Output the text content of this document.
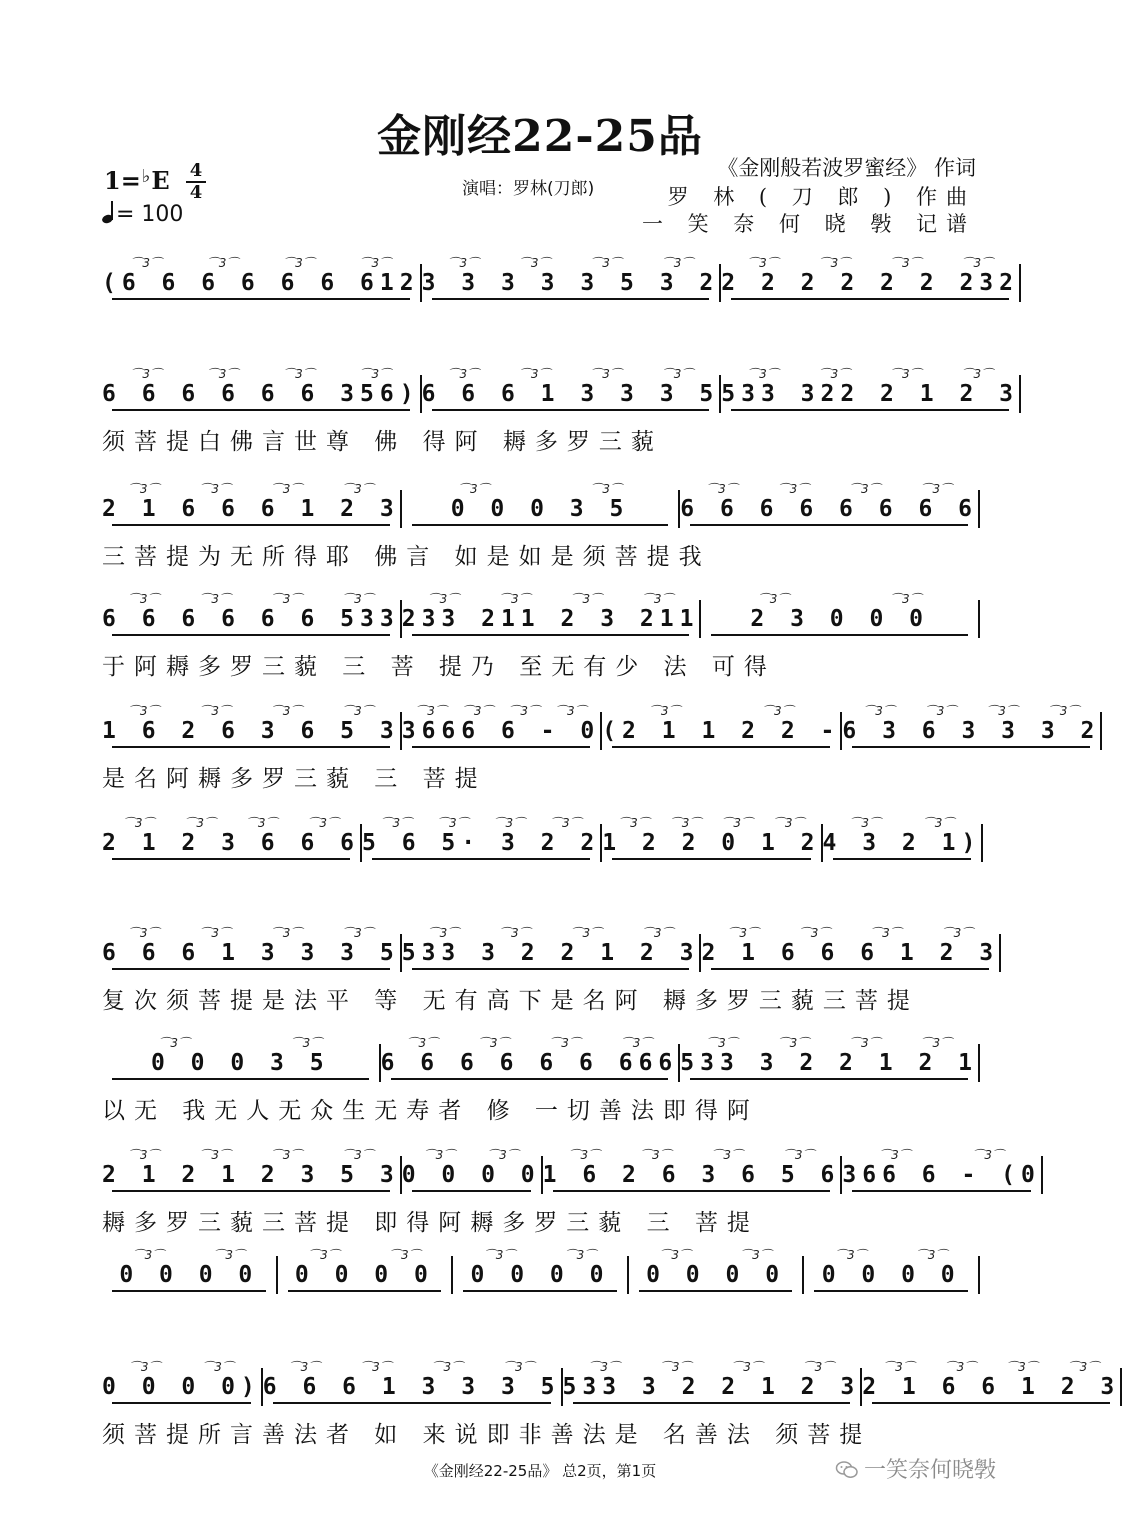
金刚经22-25品
1=♭E 4
4
= 100
演唱：罗林(刀郎)
《金刚般若波罗蜜经》 作词
罗 林 ( 刀 郎 ) 作曲
一 笑 奈 何 晓 斅 记谱
⌒3⌒	⌒3⌒	⌒3⌒	⌒3⌒
(6 6 6 6 6 6 612
⌒3⌒	⌒3⌒	⌒3⌒	⌒3⌒
3 3 3 3 3 5 3 2
⌒3⌒	⌒3⌒	⌒3⌒	⌒3⌒
2 2 2 2 2 2 232
⌒3⌒	⌒3⌒	⌒3⌒	⌒3⌒
6 6 6 6 6 6 356)
⌒3⌒	⌒3⌒	⌒3⌒	⌒3⌒
6 6 6 1 3 3 3 5
⌒3⌒	⌒3⌒	⌒3⌒	⌒3⌒
533 322 2 1 2 3
须菩提白佛言世尊 佛 得阿 耨多罗三藐
⌒3⌒	⌒3⌒	⌒3⌒	⌒3⌒
2 1 6 6 6 1 2 3
⌒3⌒	⌒3⌒
0 0 0 3 5
⌒3⌒	⌒3⌒	⌒3⌒	⌒3⌒
6 6 6 6 6 6 6 6
三菩提为无所得耶 佛言 如是如是须菩提我
⌒3⌒	⌒3⌒	⌒3⌒	⌒3⌒
6 6 6 6 6 6 533
⌒3⌒	⌒3⌒	⌒3⌒	⌒3⌒
233 211 2 3 211
⌒3⌒	⌒3⌒
2 3 0 0 0
于阿耨多罗三藐 三 菩 提乃 至无有少 法 可得
⌒3⌒	⌒3⌒	⌒3⌒	⌒3⌒
1 6 2 6 3 6 5 3
⌒3⌒ ⌒3⌒ ⌒3⌒ ⌒3⌒
3666 6 - 0
⌒3⌒	⌒3⌒
(2 1 1 2 2 -
⌒3⌒ ⌒3⌒ ⌒3⌒ ⌒3⌒
6 3 6 3 3 3 2
是名阿耨多罗三藐 三 菩提
⌒3⌒ ⌒3⌒ ⌒3⌒ ⌒3⌒
2 1 2 3 6 6 6
⌒3⌒ ⌒3⌒ ⌒3⌒ ⌒3⌒
5 6 5· 3 2 2
⌒3⌒ ⌒3⌒ ⌒3⌒ ⌒3⌒
1 2 2 0 1 2
⌒3⌒	⌒3⌒
4 3 2 1)
⌒3⌒	⌒3⌒	⌒3⌒	⌒3⌒
6 6 6 1 3 3 3 5
⌒3⌒	⌒3⌒	⌒3⌒	⌒3⌒
533 3 2 2 1 2 3
⌒3⌒	⌒3⌒	⌒3⌒	⌒3⌒
2 1 6 6 6 1 2 3
复次须菩提是法平 等 无有高下是名阿 耨多罗三藐三菩提
⌒3⌒	⌒3⌒
0 0 0 3 5
⌒3⌒	⌒3⌒	⌒3⌒	⌒3⌒
6 6 6 6 6 6 666
⌒3⌒	⌒3⌒	⌒3⌒	⌒3⌒
533 3 2 2 1 2 1
以无 我无人无众生无寿者 修 一切善法即得阿
⌒3⌒	⌒3⌒	⌒3⌒	⌒3⌒
2 1 2 1 2 3 5 3
⌒3⌒	⌒3⌒
0 0 0 0
⌒3⌒	⌒3⌒	⌒3⌒	⌒3⌒
1 6 2 6 3 6 5 6
⌒3⌒	⌒3⌒
366 6 - (0
耨多罗三藐三菩提 即得阿耨多罗三藐 三 菩提
⌒3⌒	⌒3⌒
0 0 0 0
⌒3⌒	⌒3⌒
0 0 0 0
⌒3⌒	⌒3⌒
0 0 0 0
⌒3⌒	⌒3⌒
0 0 0 0
⌒3⌒	⌒3⌒
0 0 0 0
⌒3⌒	⌒3⌒
0 0 0 0)
⌒3⌒	⌒3⌒	⌒3⌒	⌒3⌒
6 6 6 1 3 3 3 5
⌒3⌒	⌒3⌒	⌒3⌒	⌒3⌒
533 3 2 2 1 2 3
⌒3⌒ ⌒3⌒ ⌒3⌒ ⌒3⌒
2 1 6 6 1 2 3
须菩提所言善法者 如 来说即非善法是 名善法 须菩提
《金刚经22-25品》 总2页，第1页	一笑奈何晓斅
